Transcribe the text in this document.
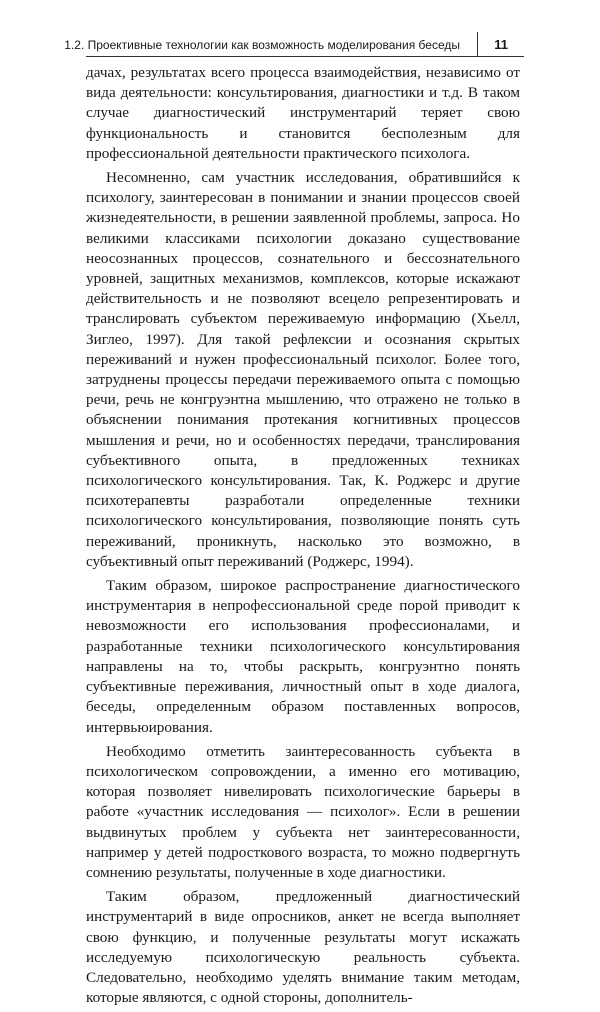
1.2. Проективные технологии как возможность моделирования беседы	11

дачах, результатах всего процесса взаимодействия, независимо от вида деятельности: консультирования, диагностики и т.д. В таком случае диагностический инструментарий теряет свою функциональность и становится бесполезным для профессиональной деятельности практического психолога.

Несомненно, сам участник исследования, обратившийся к психологу, заинтересован в понимании и знании процессов своей жизнедеятельности, в решении заявленной проблемы, запроса. Но великими классиками психологии доказано существование неосознанных процессов, сознательного и бессознательного уровней, защитных механизмов, комплексов, которые искажают действительность и не позволяют всецело репрезентировать и транслировать субъектом переживаемую информацию (Хьелл, Зиглео, 1997). Для такой рефлексии и осознания скрытых переживаний и нужен профессиональный психолог. Более того, затруднены процессы передачи переживаемого опыта с помощью речи, речь не конгруэнтна мышлению, что отражено не только в объяснении понимания протекания когнитивных процессов мышления и речи, но и особенностях передачи, транслирования субъективного опыта, в предложенных техниках психологического консультирования. Так, К. Роджерс и другие психотерапевты разработали определенные техники психологического консультирования, позволяющие понять суть переживаний, проникнуть, насколько это возможно, в субъективный опыт переживаний (Роджерс, 1994).

Таким образом, широкое распространение диагностического инструментария в непрофессиональной среде порой приводит к невозможности его использования профессионалами, и разработанные техники психологического консультирования направлены на то, чтобы раскрыть, конгруэнтно понять субъективные переживания, личностный опыт в ходе диалога, беседы, определенным образом поставленных вопросов, интервьюирования.

Необходимо отметить заинтересованность субъекта в психологическом сопровождении, а именно его мотивацию, которая позволяет нивелировать психологические барьеры в работе «участник исследования — психолог». Если в решении выдвинутых проблем у субъекта нет заинтересованности, например у детей подросткового возраста, то можно подвергнуть сомнению результаты, полученные в ходе диагностики.

Таким образом, предложенный диагностический инструментарий в виде опросников, анкет не всегда выполняет свою функцию, и полученные результаты могут искажать исследуемую психологическую реальность субъекта. Следовательно, необходимо уделять внимание таким методам, которые являются, с одной стороны, дополнитель-
